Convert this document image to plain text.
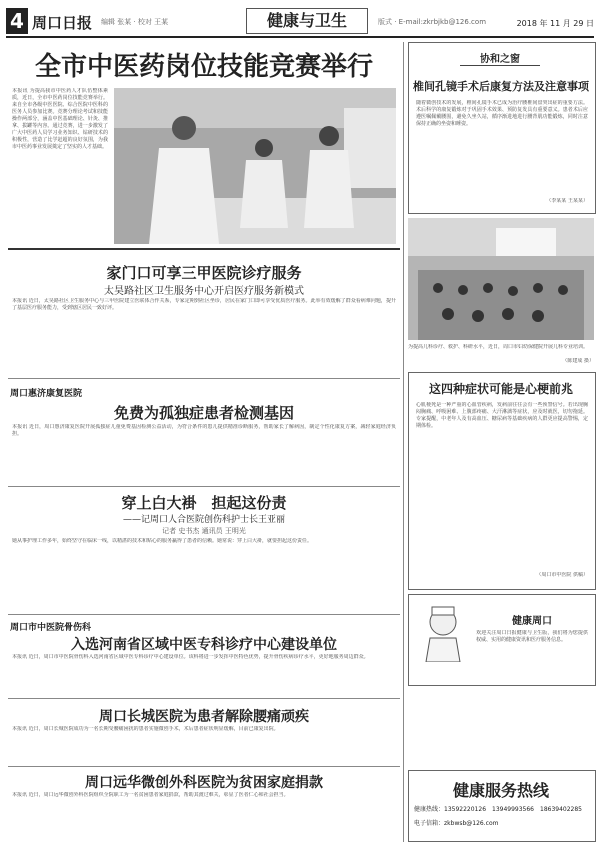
4 周口日报 编辑 张某 · 校对 王某	健康与卫生	版式 · E-mail:zkrbjkb@126.com	2018 年 11 月 29 日
全市中医药岗位技能竞赛举行
本报讯 为提高我市中医药人才队伍整体素质，近日，全市中医药岗位技能竞赛举行。来自全市各级中医医院、综合医院中医科的医务人员参加比赛。竞赛分理论考试和技能操作两部分，涵盖中医基础理论、针灸、推拿、拔罐等内容。通过竞赛，进一步激发了广大中医药人员学习业务知识、钻研技术的积极性，营造了比学赶超的良好氛围，为我市中医药事业发展奠定了坚实的人才基础。
家门口可享三甲医院诊疗服务
太昊路社区卫生服务中心开启医疗服务新模式
本报讯 近日，太昊路社区卫生服务中心与三甲医院建立医联体合作关系，专家定期到社区坐诊，居民在家门口即可享受优质医疗服务。此举有效缓解了群众看病难问题，提升了基层医疗服务能力，受到辖区居民一致好评。
周口惠济康复医院
免费为孤独症患者检测基因
本报讯 近日，周口惠济康复医院开展孤独症儿童免费基因检测公益活动，为符合条件的患儿提供精准诊断服务，帮助家长了解病因，制定个性化康复方案，减轻家庭经济负担。
穿上白大褂　担起这份责
——记周口人合医院创伤科护士长王亚丽
记者 史书杰 通讯员 王明光
她从事护理工作多年，始终坚守在临床一线，以精湛的技术和贴心的服务赢得了患者的信赖。她常说：穿上白大褂，就要担起这份责任。
周口市中医院骨伤科
入选河南省区域中医专科诊疗中心建设单位
本报讯 近日，周口市中医院骨伤科入选河南省区域中医专科诊疗中心建设单位。该科将进一步发挥中医特色优势，提升骨伤疾病诊疗水平，更好地服务周边群众。
周口长城医院为患者解除腰痛顽疾
本报讯 近日，周口长城医院成功为一名长期受腰痛困扰的患者实施微创手术，术后患者症状明显缓解，目前已康复出院。
周口远华微创外科医院为贫困家庭捐款
本报讯 近日，周口远华微创外科医院组织全院职工为一名贫困患者家庭捐款，帮助其渡过难关，彰显了医者仁心和社会担当。
协和之窗
椎间孔镜手术后康复方法及注意事项
随着微创技术的发展，椎间孔镜手术已成为治疗腰椎间盘突出症的重要方法。术后科学的康复锻炼对于巩固手术效果、预防复发具有重要意义。患者术后应遵医嘱佩戴腰围，避免久坐久站，循序渐进地进行腰背肌功能锻炼，同时注意保持正确的坐姿和睡姿。
（李某某 王某某）
为提高儿科诊疗、救护、科研水平，近日，周口市妇幼保健院开展儿科专业培训。
（陈建成 摄）
这四种症状可能是心梗前兆
心肌梗死是一种严重的心血管疾病，发病前往往会有一些预警信号。若出现胸闷胸痛、呼吸困难、上腹部疼痛、大汗淋漓等症状，应及时就医，切勿拖延。专家提醒，中老年人及有高血压、糖尿病等基础疾病的人群更应提高警惕，定期体检。
（周口市中医院 供稿）
健康周口
欢迎关注周口日报健康与卫生版，我们将为您提供权威、实用的健康资讯和医疗服务信息。
健康服务热线
健康热线：13592220126　13949993566　18639402285
电子信箱：zkbwsb@126.com
